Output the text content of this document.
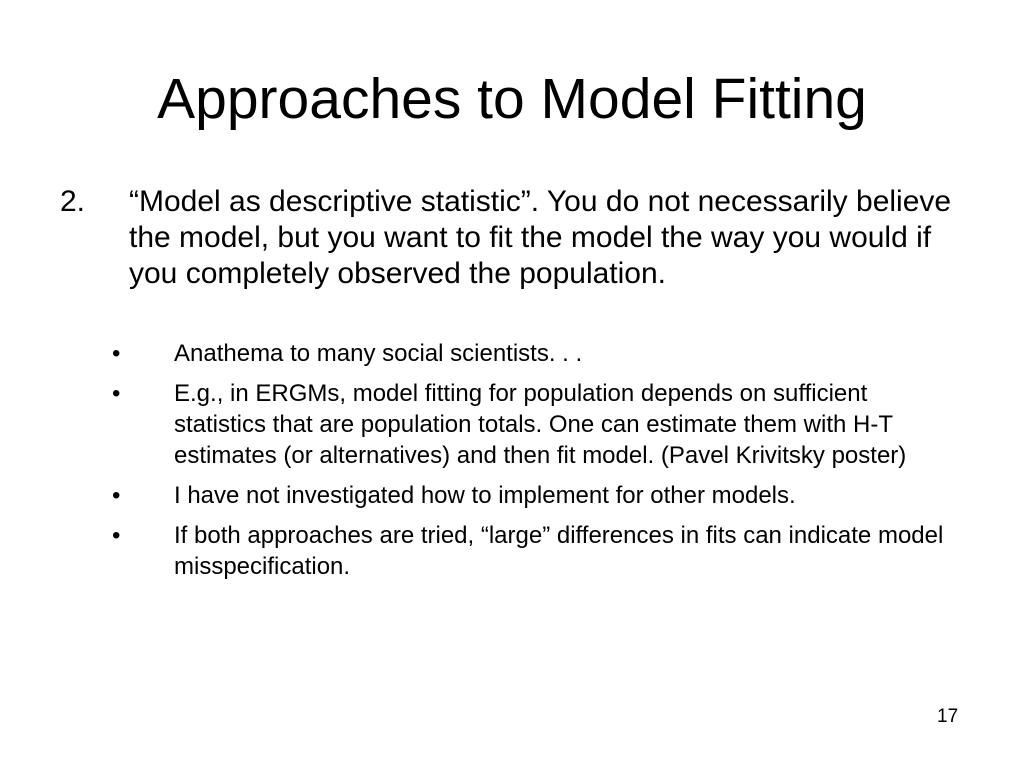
Approaches to Model Fitting
2. “Model as descriptive statistic”. You do not necessarily believe the model, but you want to fit the model the way you would if you completely observed the population.
• Anathema to many social scientists. . .
• E.g., in ERGMs, model fitting for population depends on sufficient statistics that are population totals. One can estimate them with H-T estimates (or alternatives) and then fit model. (Pavel Krivitsky poster)
• I have not investigated how to implement for other models.
• If both approaches are tried, “large” differences in fits can indicate model misspecification.
17
